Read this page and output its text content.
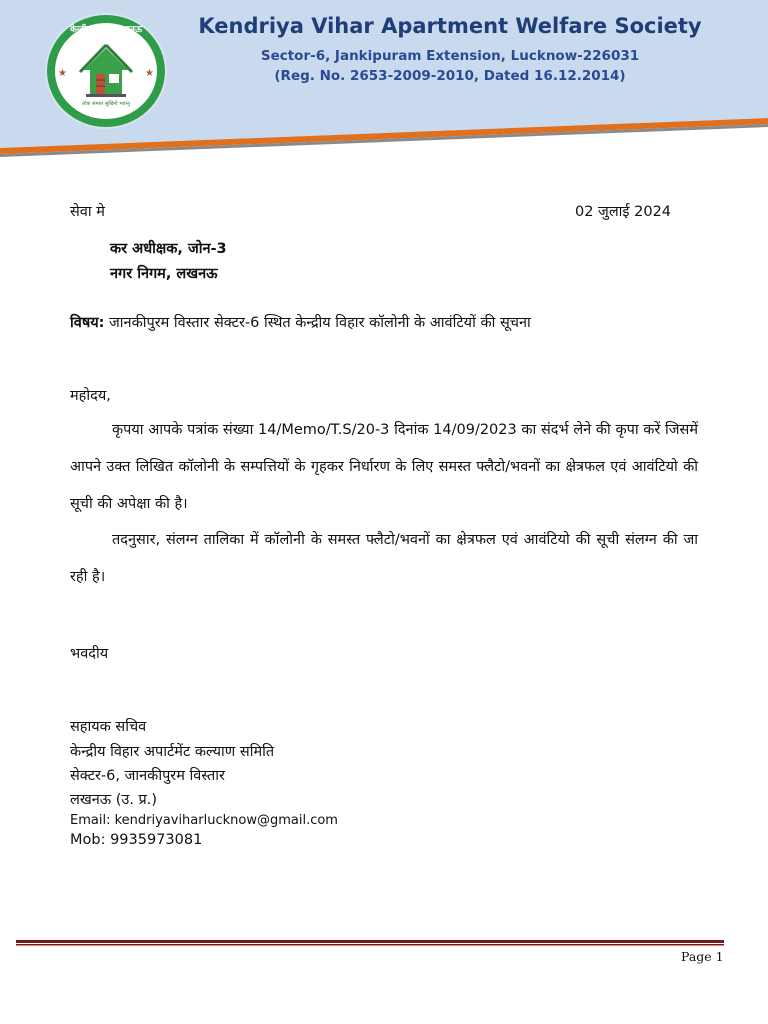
★	★
केन्द्रीय विहार लखनऊ
लोक समस्त सुखिनो भवन्तु
Kendriya Vihar Apartment Welfare Society
Sector-6, Jankipuram Extension, Lucknow-226031
(Reg. No. 2653-2009-2010, Dated 16.12.2014)
सेवा मे	02 जुलाई 2024
कर अधीक्षक, जोन-3
नगर निगम, लखनऊ
विषय: जानकीपुरम विस्तार सेक्टर-6 स्थित केन्द्रीय विहार कॉलोनी के आवंटियों की सूचना
महोदय,
कृपया आपके पत्रांक संख्या 14/Memo/T.S/20-3 दिनांक 14/09/2023 का संदर्भ लेने की कृपा करें जिसमें आपने उक्त लिखित कॉलोनी के सम्पत्तियों के गृहकर निर्धारण के लिए समस्त फ्लैटो/भवनों का क्षेत्रफल एवं आवंटियो की सूची की अपेक्षा की है।
तदनुसार, संलग्न तालिका में कॉलोनी के समस्त फ्लैटो/भवनों का क्षेत्रफल एवं आवंटियो की सूची संलग्न की जा रही है।
भवदीय
सहायक सचिव
केन्द्रीय विहार अपार्टमेंट कल्याण समिति
सेक्टर-6, जानकीपुरम विस्तार
लखनऊ (उ. प्र.)
Email: kendriyaviharlucknow@gmail.com
Mob: 9935973081
Page 1
